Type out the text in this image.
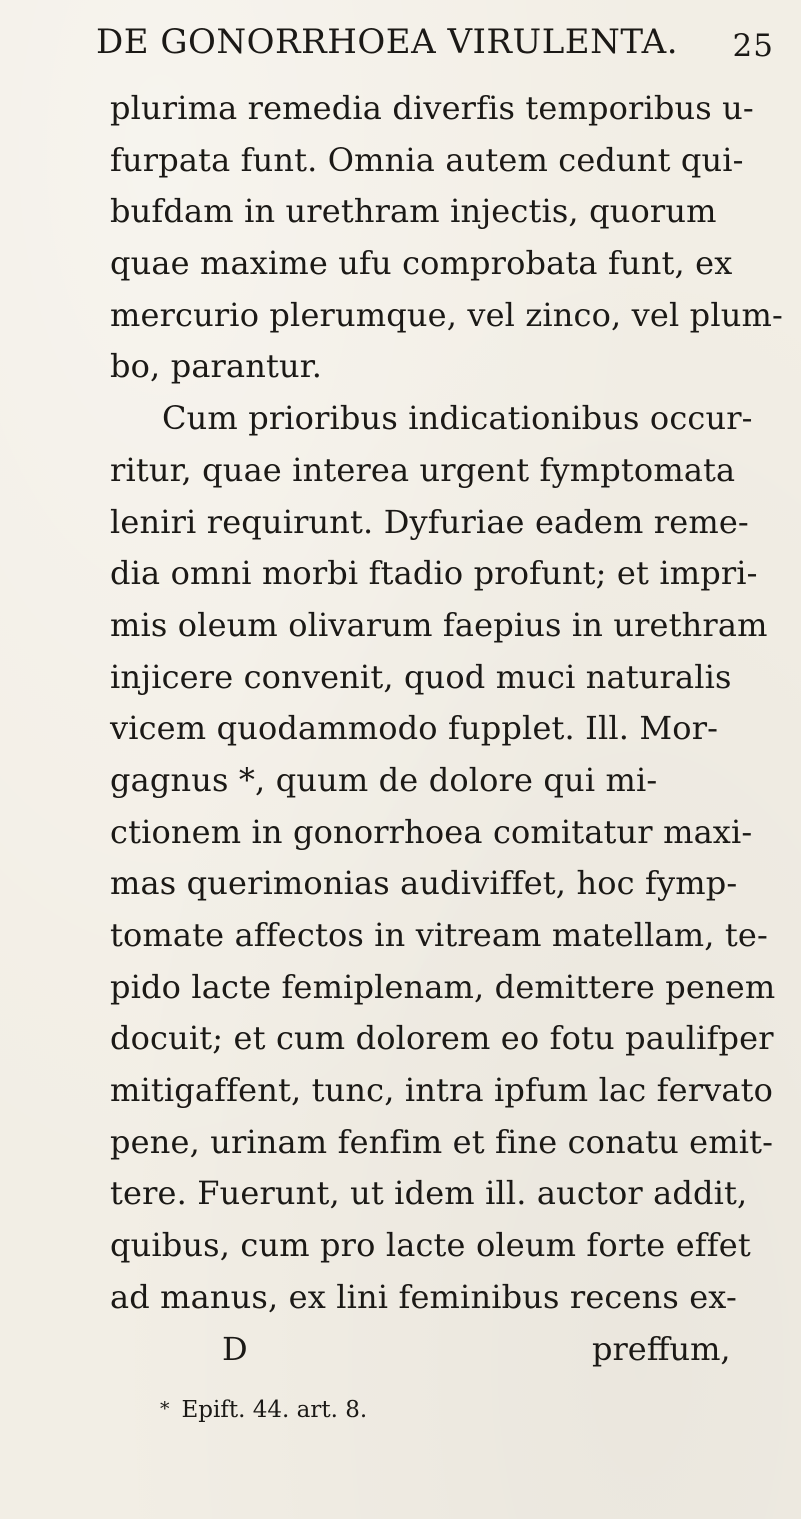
DE GONORRHOEA VIRULENTA. 25
plurima remedia diverfis temporibus u-
furpata funt. Omnia autem cedunt qui-
bufdam in urethram injectis, quorum
quae maxime ufu comprobata funt, ex
mercurio plerumque, vel zinco, vel plum-
bo, parantur.
Cum prioribus indicationibus occur-
ritur, quae interea urgent fymptomata
leniri requirunt. Dyfuriae eadem reme-
dia omni morbi ftadio profunt; et impri-
mis oleum olivarum faepius in urethram
injicere convenit, quod muci naturalis
vicem quodammodo fupplet. Ill. Mor-
gagnus *, quum de dolore qui mi-
ctionem in gonorrhoea comitatur maxi-
mas querimonias audiviffet, hoc fymp-
tomate affectos in vitream matellam, te-
pido lacte femiplenam, demittere penem
docuit; et cum dolorem eo fotu paulifper
mitigaffent, tunc, intra ipfum lac fervato
pene, urinam fenfim et fine conatu emit-
tere. Fuerunt, ut idem ill. auctor addit,
quibus, cum pro lacte oleum forte effet
ad manus, ex lini feminibus recens ex-
D	preffum,
* Epift. 44. art. 8.
